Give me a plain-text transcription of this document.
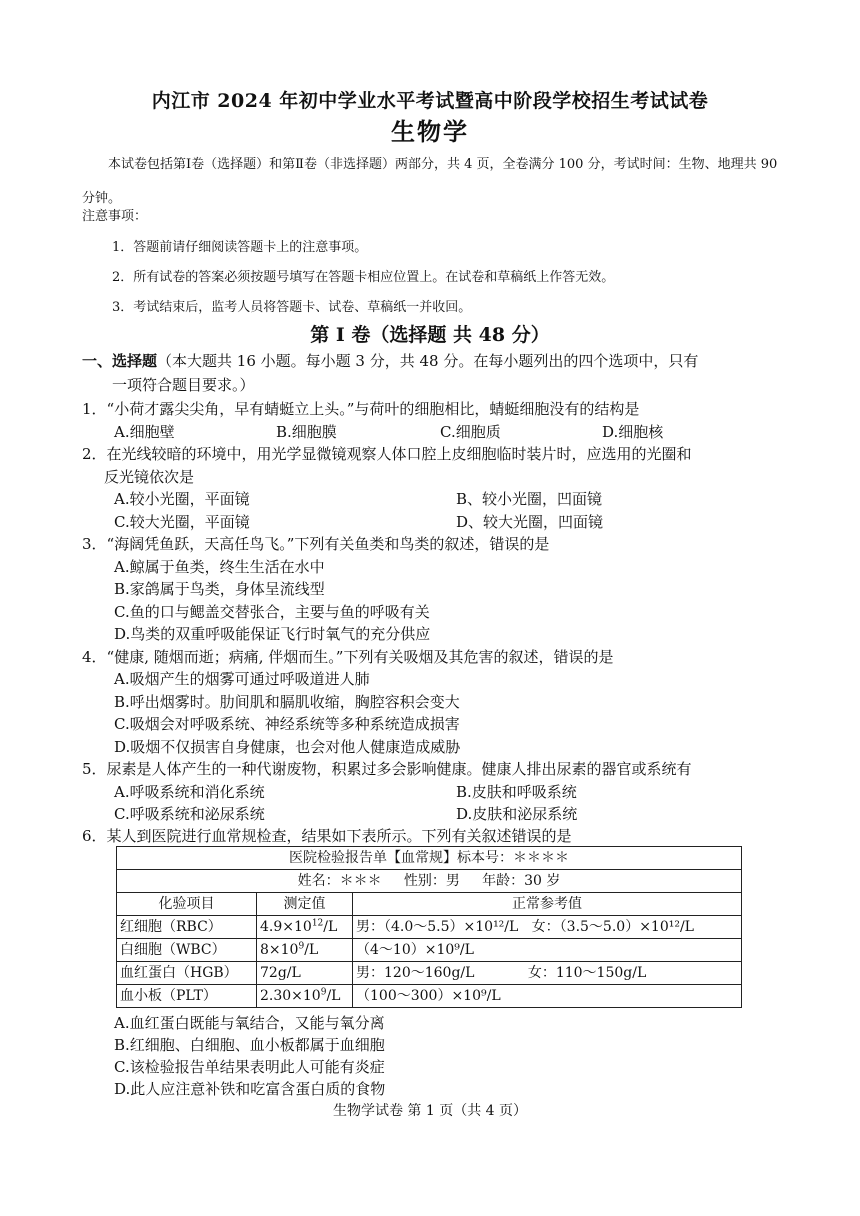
内江市 2024 年初中学业水平考试暨高中阶段学校招生考试试卷
生物学
本试卷包括第Ⅰ卷（选择题）和第Ⅱ卷（非选择题）两部分，共 4 页，全卷满分 100 分，考试时间：生物、地理共 90 分钟。
注意事项：
1．答题前请仔细阅读答题卡上的注意事项。
2．所有试卷的答案必须按题号填写在答题卡相应位置上。在试卷和草稿纸上作答无效。
3．考试结束后，监考人员将答题卡、试卷、草稿纸一并收回。
第 I 卷（选择题 共 48 分）
一、选择题（本大题共 16 小题。每小题 3 分，共 48 分。在每小题列出的四个选项中，只有
一项符合题目要求。）
1．“小荷才露尖尖角，早有蜻蜓立上头。”与荷叶的细胞相比，蜻蜓细胞没有的结构是
A.细胞壁	B.细胞膜	C.细胞质	D.细胞核
2．在光线较暗的环境中，用光学显微镜观察人体口腔上皮细胞临时装片时，应选用的光圈和
反光镜依次是
A.较小光圈，平面镜	B、较小光圈，凹面镜
C.较大光圈，平面镜	D、较大光圈，凹面镜
3．“海阔凭鱼跃，天高任鸟飞。”下列有关鱼类和鸟类的叙述，错误的是
A.鲸属于鱼类，终生生活在水中
B.家鸽属于鸟类，身体呈流线型
C.鱼的口与鳃盖交替张合，主要与鱼的呼吸有关
D.鸟类的双重呼吸能保证飞行时氧气的充分供应
4．“健康, 随烟而逝；病痛, 伴烟而生。”下列有关吸烟及其危害的叙述，错误的是
A.吸烟产生的烟雾可通过呼吸道进人肺
B.呼出烟雾时。肋间肌和膈肌收缩，胸腔容积会变大
C.吸烟会对呼吸系统、神经系统等多种系统造成损害
D.吸烟不仅损害自身健康，也会对他人健康造成威胁
5．尿素是人体产生的一种代谢废物，积累过多会影响健康。健康人排出尿素的器官或系统有
A.呼吸系统和消化系统	B.皮肤和呼吸系统
C.呼吸系统和泌尿系统	D.皮肤和泌尿系统
6．某人到医院进行血常规检查，结果如下表所示。下列有关叙述错误的是
医院检验报告单【血常规】标本号：＊＊＊＊		
姓名：＊＊＊     性别：男     年龄：30 岁		
化验项目	测定值	正常参考值
红细胞（RBC）	$4.9\times 10^{12}/L$	男：（4.0～5.5）×10¹²/L   女：（3.5～5.0）×10¹²/L
白细胞（WBC）	$8\times 10^9/L$	（4～10）×10⁹/L
血红蛋白（HGB）	72g/L	男：120～160g/L            女：110～150g/L
血小板（PLT）	$2.30\times 10^9/L$	（100～300）×10⁹/L
A.血红蛋白既能与氧结合，又能与氧分离
B.红细胞、白细胞、血小板都属于血细胞
C.该检验报告单结果表明此人可能有炎症
D.此人应注意补铁和吃富含蛋白质的食物
生物学试卷 第 1 页（共 4 页）
